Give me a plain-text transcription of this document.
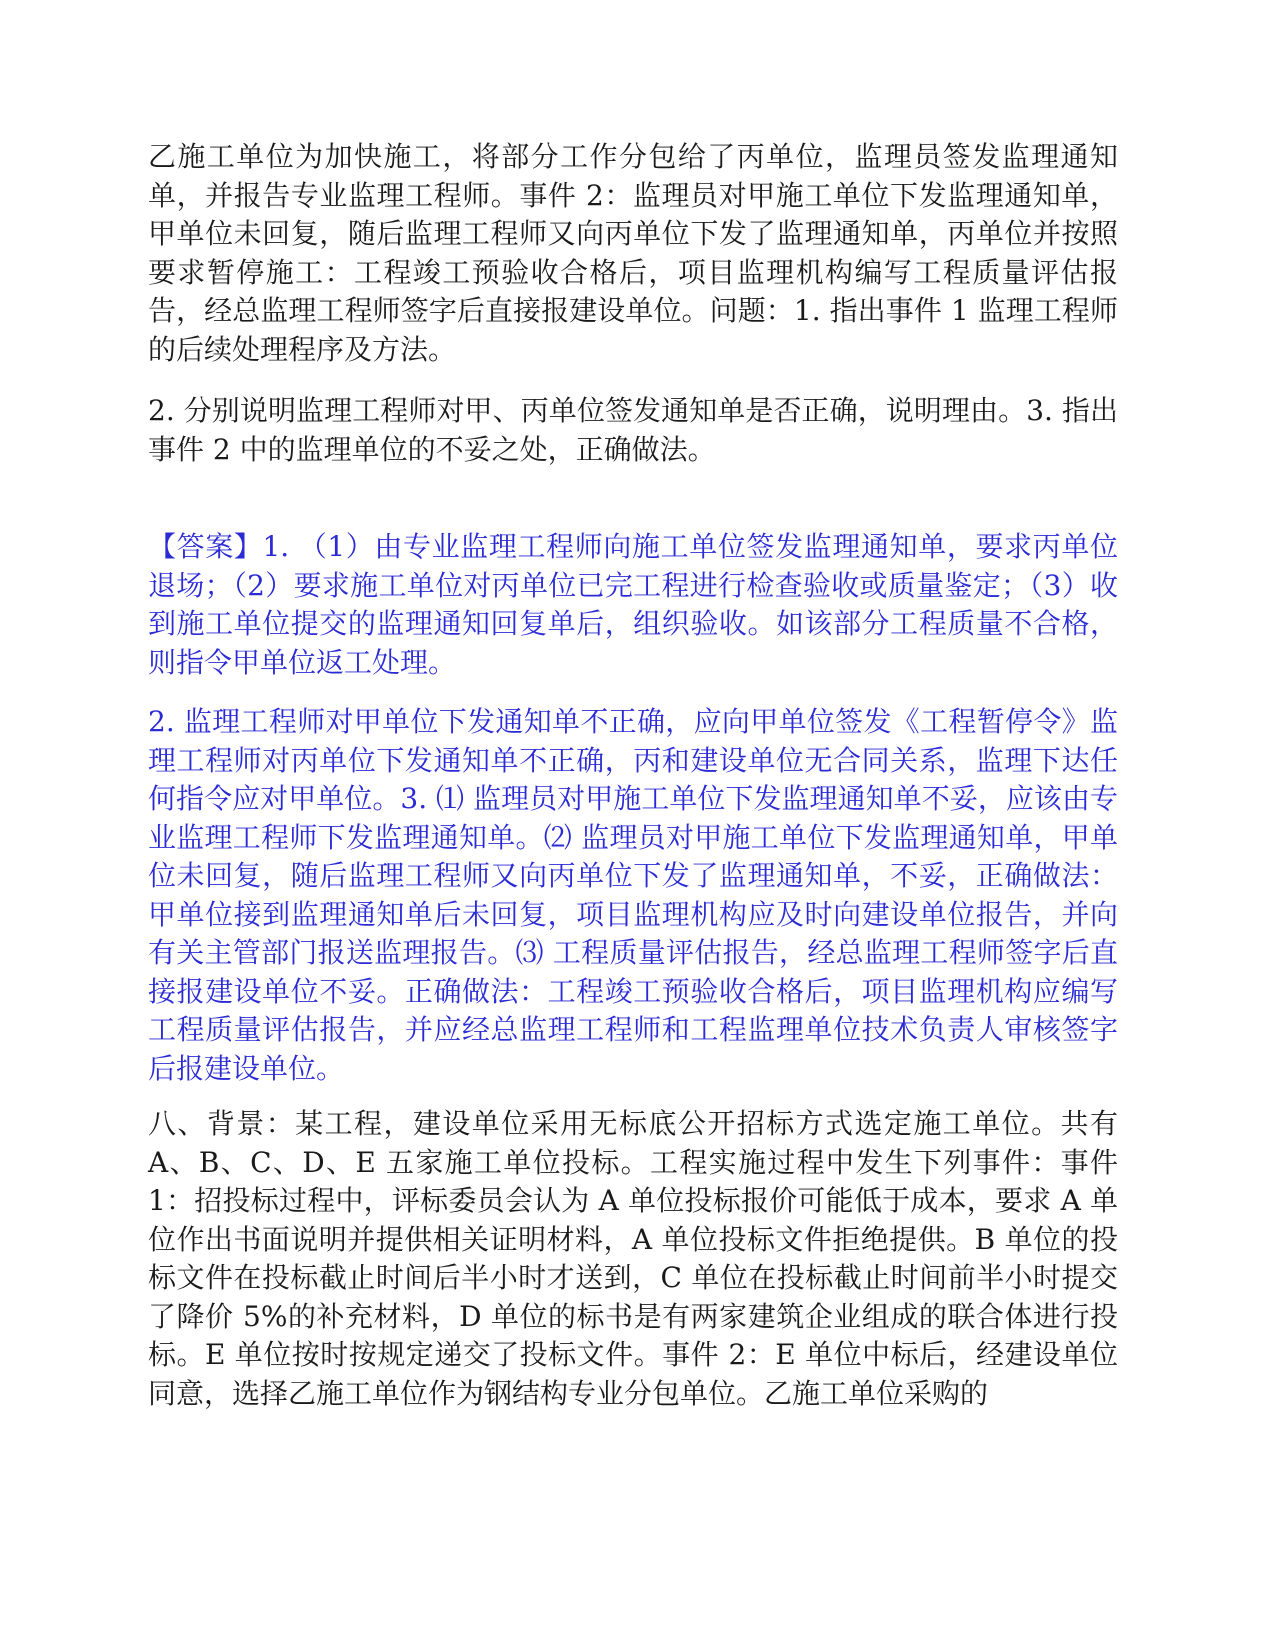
乙施工单位为加快施工，将部分工作分包给了丙单位，监理员签发监理通知单，并报告专业监理工程师。事件 2：监理员对甲施工单位下发监理通知单，甲单位未回复，随后监理工程师又向丙单位下发了监理通知单，丙单位并按照要求暂停施工：工程竣工预验收合格后，项目监理机构编写工程质量评估报告，经总监理工程师签字后直接报建设单位。问题：1. 指出事件 1 监理工程师的后续处理程序及方法。

2. 分别说明监理工程师对甲、丙单位签发通知单是否正确，说明理由。3. 指出事件 2 中的监理单位的不妥之处，正确做法。

【答案】1. （1）由专业监理工程师向施工单位签发监理通知单，要求丙单位退场；（2）要求施工单位对丙单位已完工程进行检查验收或质量鉴定；（3）收到施工单位提交的监理通知回复单后，组织验收。如该部分工程质量不合格，则指令甲单位返工处理。

2. 监理工程师对甲单位下发通知单不正确，应向甲单位签发《工程暂停令》监理工程师对丙单位下发通知单不正确，丙和建设单位无合同关系，监理下达任何指令应对甲单位。3. ⑴ 监理员对甲施工单位下发监理通知单不妥，应该由专业监理工程师下发监理通知单。⑵ 监理员对甲施工单位下发监理通知单，甲单位未回复，随后监理工程师又向丙单位下发了监理通知单，不妥，正确做法：甲单位接到监理通知单后未回复，项目监理机构应及时向建设单位报告，并向有关主管部门报送监理报告。⑶ 工程质量评估报告，经总监理工程师签字后直接报建设单位不妥。正确做法：工程竣工预验收合格后，项目监理机构应编写工程质量评估报告，并应经总监理工程师和工程监理单位技术负责人审核签字后报建设单位。

八、背景：某工程，建设单位采用无标底公开招标方式选定施工单位。共有 A、B、C、D、E 五家施工单位投标。工程实施过程中发生下列事件：事件 1：招投标过程中，评标委员会认为 A 单位投标报价可能低于成本，要求 A 单位作出书面说明并提供相关证明材料，A 单位投标文件拒绝提供。B 单位的投标文件在投标截止时间后半小时才送到，C 单位在投标截止时间前半小时提交了降价 5%的补充材料，D 单位的标书是有两家建筑企业组成的联合体进行投标。E 单位按时按规定递交了投标文件。事件 2：E 单位中标后，经建设单位同意，选择乙施工单位作为钢结构专业分包单位。乙施工单位采购的
